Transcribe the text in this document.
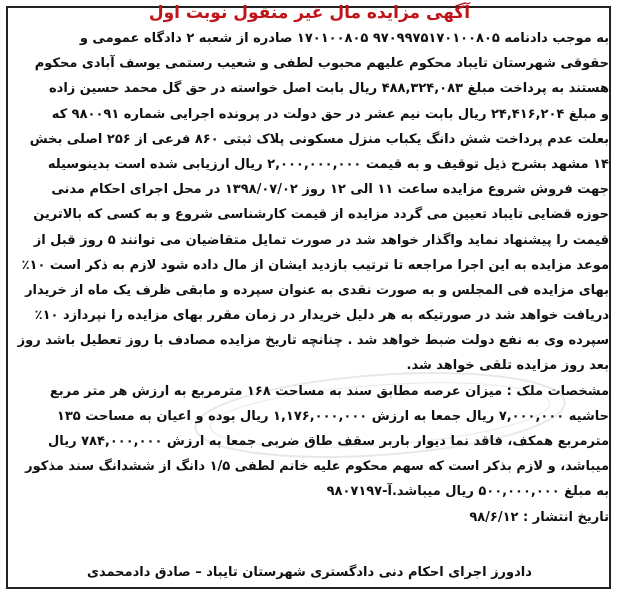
آگهی مزایده مال غیر منقول نوبت اول
به موجب دادنامه ۹۷۰۹۹۷۵۱۷۰۱۰۰۸۰۵ ۱۷۰۱۰۰۸۰۵ صادره از شعبه ۲ دادگاه عمومی و
حقوقی شهرستان تایباد محکوم علیهم محبوب لطفی و شعیب رستمی یوسف آبادی محکوم
هستند به پرداخت مبلغ ۴۸۸,۳۲۴,۰۸۳ ریال بابت اصل خواسته در حق گل محمد حسین زاده
و مبلغ ۲۴,۴۱۶,۲۰۴ ریال بابت نیم عشر در حق دولت در پرونده اجرایی شماره ۹۸۰۰۹۱ که
بعلت عدم پرداخت شش دانگ یکباب منزل مسکونی پلاک ثبتی ۸۶۰ فرعی از ۲۵۶ اصلی بخش
۱۴ مشهد بشرح ذیل توقیف و به قیمت ۲,۰۰۰,۰۰۰,۰۰۰ ریال ارزیابی شده است بدینوسیله
جهت فروش شروع مزایده ساعت ۱۱ الی ۱۲ روز ۱۳۹۸/۰۷/۰۲ در محل اجرای احکام مدنی
حوزه قضایی تایباد تعیین می گردد مزایده از قیمت کارشناسی شروع و به کسی که بالاترین
قیمت را پیشنهاد نماید واگذار خواهد شد در صورت تمایل متقاضیان می توانند ۵ روز قبل از
موعد مزایده به این اجرا مراجعه تا ترتیب بازدید ایشان از مال داده شود لازم به ذکر است ۱۰٪
بهای مزایده فی المجلس و به صورت نقدی به عنوان سپرده و مابقی ظرف یک ماه از خریدار
دریافت خواهد شد در صورتیکه به هر دلیل خریدار در زمان مقرر بهای مزایده را نپردازد ۱۰٪
سپرده وی به نفع دولت ضبط خواهد شد . چنانچه تاریخ مزایده مصادف با روز تعطیل باشد روز
بعد روز مزایده تلقی خواهد شد.
مشخصات ملک : میزان عرصه مطابق سند به مساحت ۱۶۸ مترمربع به ارزش هر متر مربع
حاشیه ۷,۰۰۰,۰۰۰ ریال جمعا به ارزش ۱,۱۷۶,۰۰۰,۰۰۰ ریال بوده و اعیان به مساحت ۱۳۵
مترمربع همکف، فاقد نما دیوار باربر سقف طاق ضربی جمعا به ارزش ۷۸۴,۰۰۰,۰۰۰ ریال
میباشد، و لازم بذکر است که سهم محکوم علیه خانم لطفی ۱/۵ دانگ از ششدانگ سند مذکور
به مبلغ ۵۰۰,۰۰۰,۰۰۰ ریال میباشد.آ-۹۸۰۷۱۹۷
تاریخ انتشار : ۹۸/۶/۱۲
دادورز اجرای احکام دنی دادگستری شهرستان تایباد – صادق دادمحمدی
